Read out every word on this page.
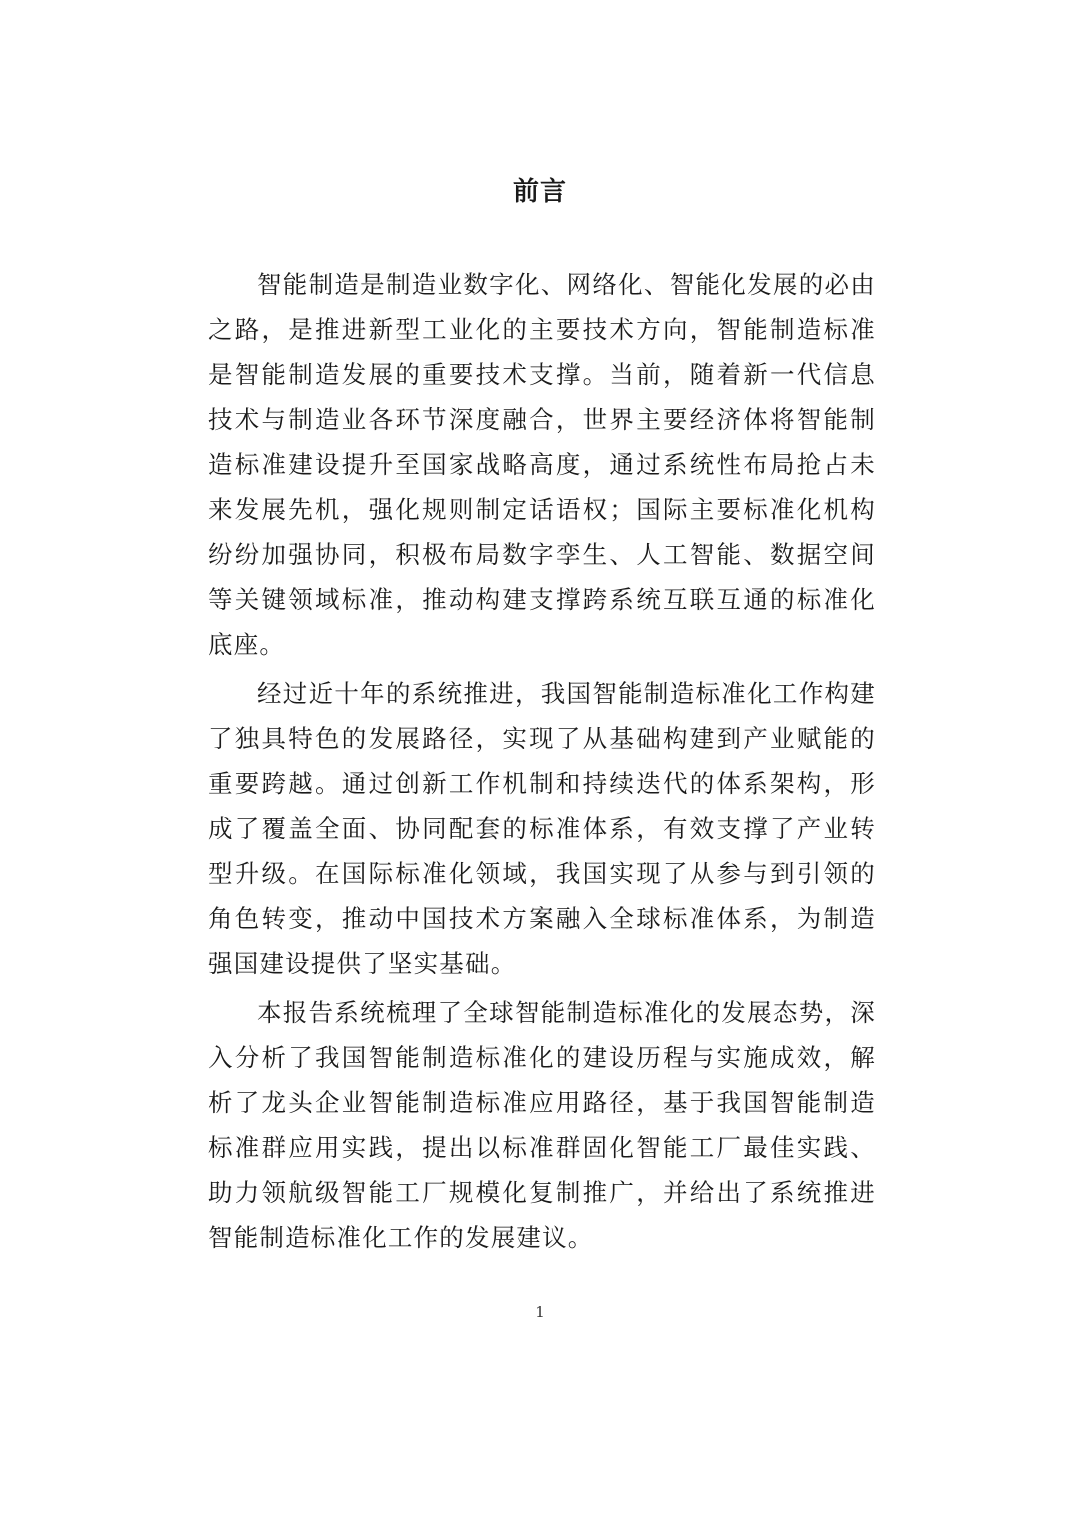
前言

智能制造是制造业数字化、网络化、智能化发展的必由之路，是推进新型工业化的主要技术方向，智能制造标准是智能制造发展的重要技术支撑。当前，随着新一代信息技术与制造业各环节深度融合，世界主要经济体将智能制造标准建设提升至国家战略高度，通过系统性布局抢占未来发展先机，强化规则制定话语权；国际主要标准化机构纷纷加强协同，积极布局数字孪生、人工智能、数据空间等关键领域标准，推动构建支撑跨系统互联互通的标准化底座。

经过近十年的系统推进，我国智能制造标准化工作构建了独具特色的发展路径，实现了从基础构建到产业赋能的重要跨越。通过创新工作机制和持续迭代的体系架构，形成了覆盖全面、协同配套的标准体系，有效支撑了产业转型升级。在国际标准化领域，我国实现了从参与到引领的角色转变，推动中国技术方案融入全球标准体系，为制造强国建设提供了坚实基础。

本报告系统梳理了全球智能制造标准化的发展态势，深入分析了我国智能制造标准化的建设历程与实施成效，解析了龙头企业智能制造标准应用路径，基于我国智能制造标准群应用实践，提出以标准群固化智能工厂最佳实践、助力领航级智能工厂规模化复制推广，并给出了系统推进智能制造标准化工作的发展建议。

1
